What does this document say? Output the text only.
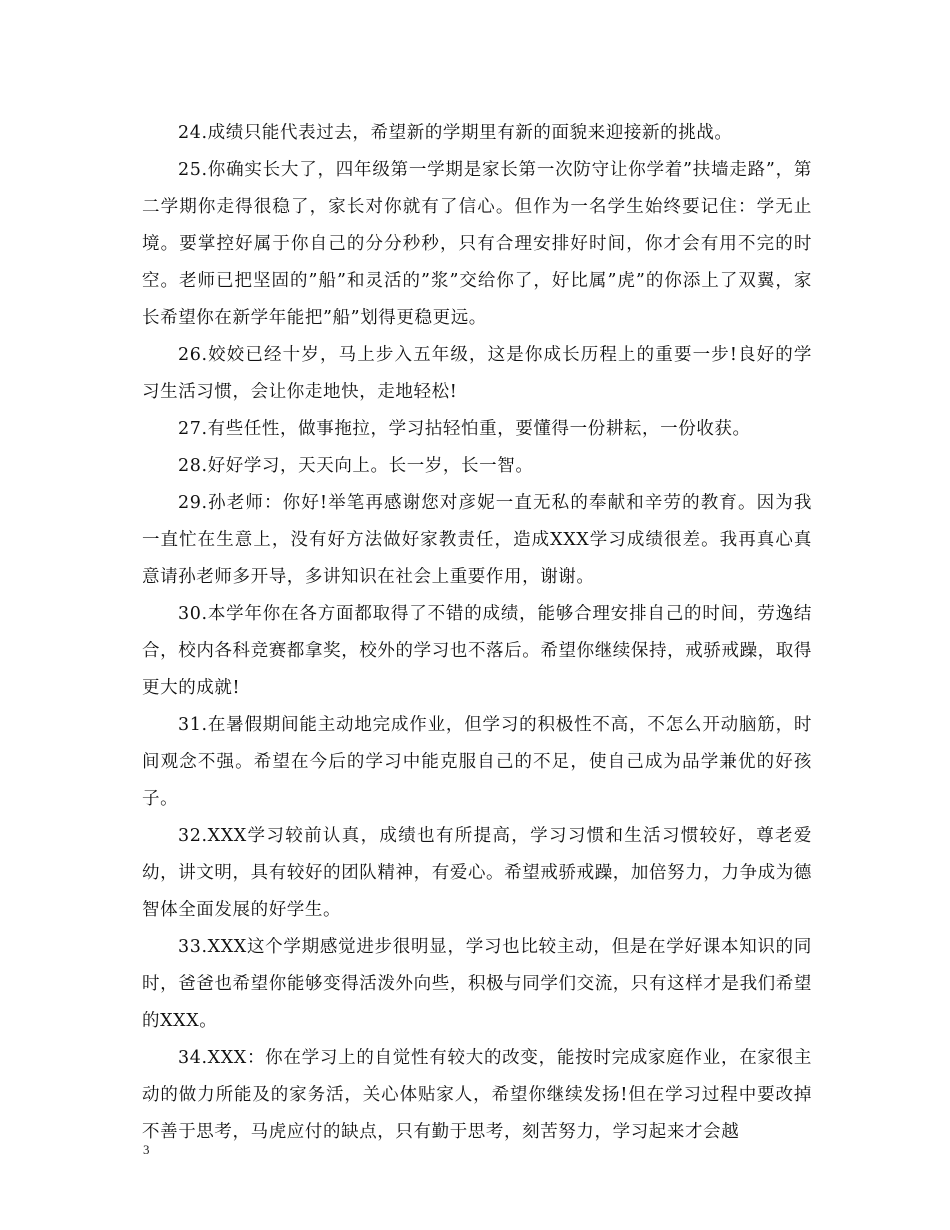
24.成绩只能代表过去，希望新的学期里有新的面貌来迎接新的挑战。

25.你确实长大了，四年级第一学期是家长第一次防守让你学着”扶墙走路”，第二学期你走得很稳了，家长对你就有了信心。但作为一名学生始终要记住：学无止境。要掌控好属于你自己的分分秒秒，只有合理安排好时间，你才会有用不完的时空。老师已把坚固的”船”和灵活的”浆”交给你了，好比属”虎”的你添上了双翼，家长希望你在新学年能把”船”划得更稳更远。

26.姣姣已经十岁，马上步入五年级，这是你成长历程上的重要一步!良好的学习生活习惯，会让你走地快，走地轻松!

27.有些任性，做事拖拉，学习拈轻怕重，要懂得一份耕耘，一份收获。

28.好好学习，天天向上。长一岁，长一智。

29.孙老师：你好!举笔再感谢您对彦妮一直无私的奉献和辛劳的教育。因为我一直忙在生意上，没有好方法做好家教责任，造成XXX学习成绩很差。我再真心真意请孙老师多开导，多讲知识在社会上重要作用，谢谢。

30.本学年你在各方面都取得了不错的成绩，能够合理安排自己的时间，劳逸结合，校内各科竞赛都拿奖，校外的学习也不落后。希望你继续保持，戒骄戒躁，取得更大的成就!

31.在暑假期间能主动地完成作业，但学习的积极性不高，不怎么开动脑筋，时间观念不强。希望在今后的学习中能克服自己的不足，使自己成为品学兼优的好孩子。

32.XXX学习较前认真，成绩也有所提高，学习习惯和生活习惯较好，尊老爱幼，讲文明，具有较好的团队精神，有爱心。希望戒骄戒躁，加倍努力，力争成为德智体全面发展的好学生。

33.XXX这个学期感觉进步很明显，学习也比较主动，但是在学好课本知识的同时，爸爸也希望你能够变得活泼外向些，积极与同学们交流，只有这样才是我们希望的XXX。

34.XXX：你在学习上的自觉性有较大的改变，能按时完成家庭作业，在家很主动的做力所能及的家务活，关心体贴家人，希望你继续发扬!但在学习过程中要改掉不善于思考，马虎应付的缺点，只有勤于思考，刻苦努力，学习起来才会越

3
